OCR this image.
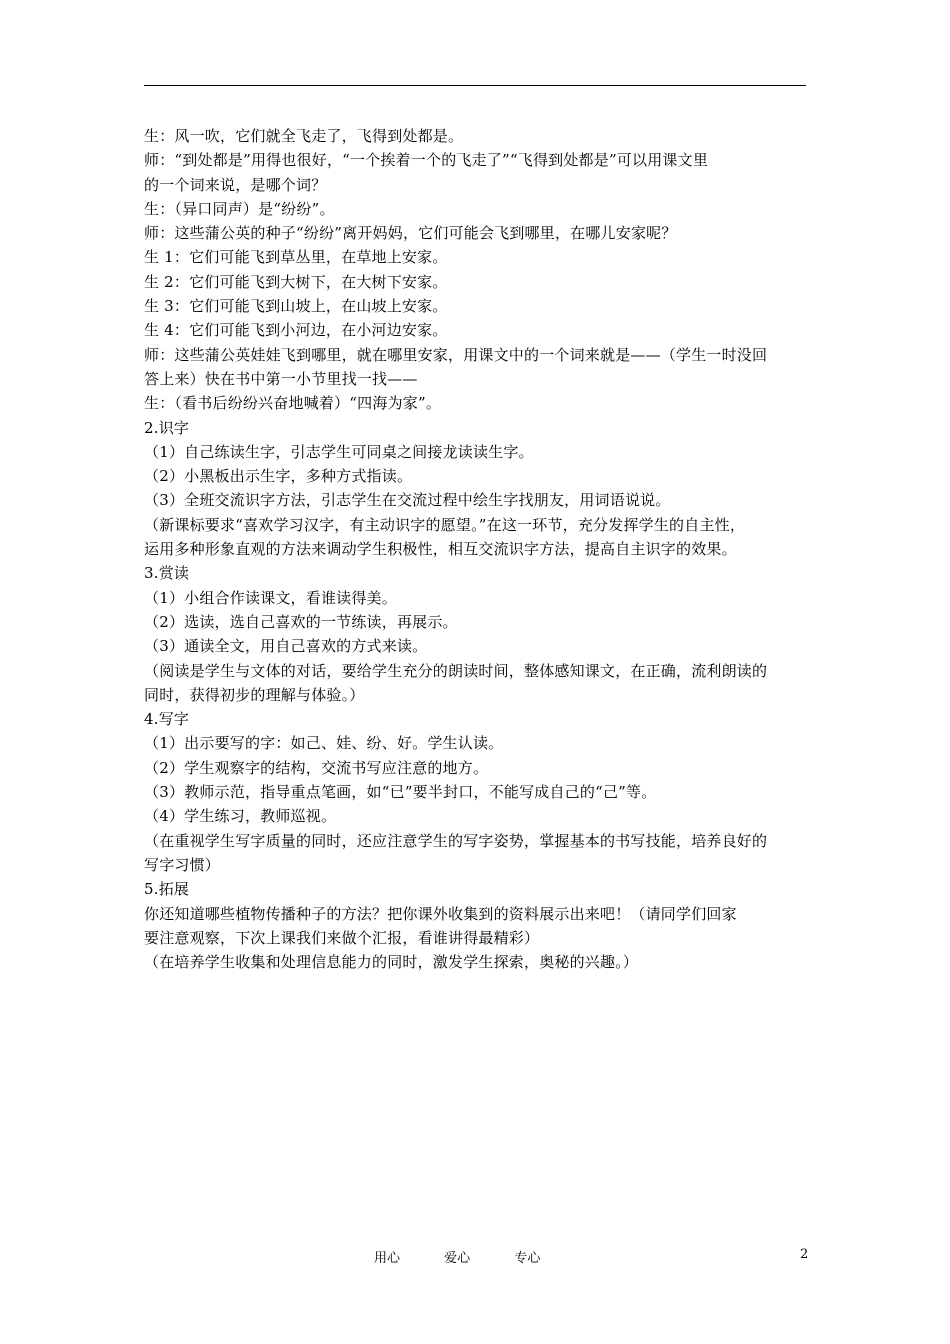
生：风一吹，它们就全飞走了，飞得到处都是。
师：“到处都是”用得也很好，“一个挨着一个的飞走了”“飞得到处都是”可以用课文里
的一个词来说，是哪个词？
生：（异口同声）是“纷纷”。
师：这些蒲公英的种子“纷纷”离开妈妈，它们可能会飞到哪里，在哪儿安家呢？
生 1：它们可能飞到草丛里，在草地上安家。
生 2：它们可能飞到大树下，在大树下安家。
生 3：它们可能飞到山坡上，在山坡上安家。
生 4：它们可能飞到小河边，在小河边安家。
师：这些蒲公英娃娃飞到哪里，就在哪里安家，用课文中的一个词来就是——（学生一时没回
答上来）快在书中第一小节里找一找——
生：（看书后纷纷兴奋地喊着）“四海为家”。
2.识字
（1）自己练读生字，引志学生可同桌之间接龙读读生字。
（2）小黑板出示生字，多种方式指读。
（3）全班交流识字方法，引志学生在交流过程中绘生字找朋友，用词语说说。
（新课标要求“喜欢学习汉字，有主动识字的愿望。”在这一环节，充分发挥学生的自主性，
运用多种形象直观的方法来调动学生积极性，相互交流识字方法，提高自主识字的效果。
3.赏读
（1）小组合作读课文，看谁读得美。
（2）选读，选自己喜欢的一节练读，再展示。
（3）通读全文，用自己喜欢的方式来读。
（阅读是学生与文体的对话，要给学生充分的朗读时间，整体感知课文，在正确，流利朗读的
同时，获得初步的理解与体验。）
4.写字
（1）出示要写的字：如己、娃、纷、好。学生认读。
（2）学生观察字的结构，交流书写应注意的地方。
（3）教师示范，指导重点笔画，如“已”要半封口，不能写成自己的“己”等。
（4）学生练习，教师巡视。
（在重视学生写字质量的同时，还应注意学生的写字姿势，掌握基本的书写技能，培养良好的
写字习惯）
5.拓展
你还知道哪些植物传播种子的方法？把你课外收集到的资料展示出来吧！（请同学们回家
要注意观察，下次上课我们来做个汇报，看谁讲得最精彩）
（在培养学生收集和处理信息能力的同时，激发学生探索，奥秘的兴趣。）
用心	爱心	专心	2
